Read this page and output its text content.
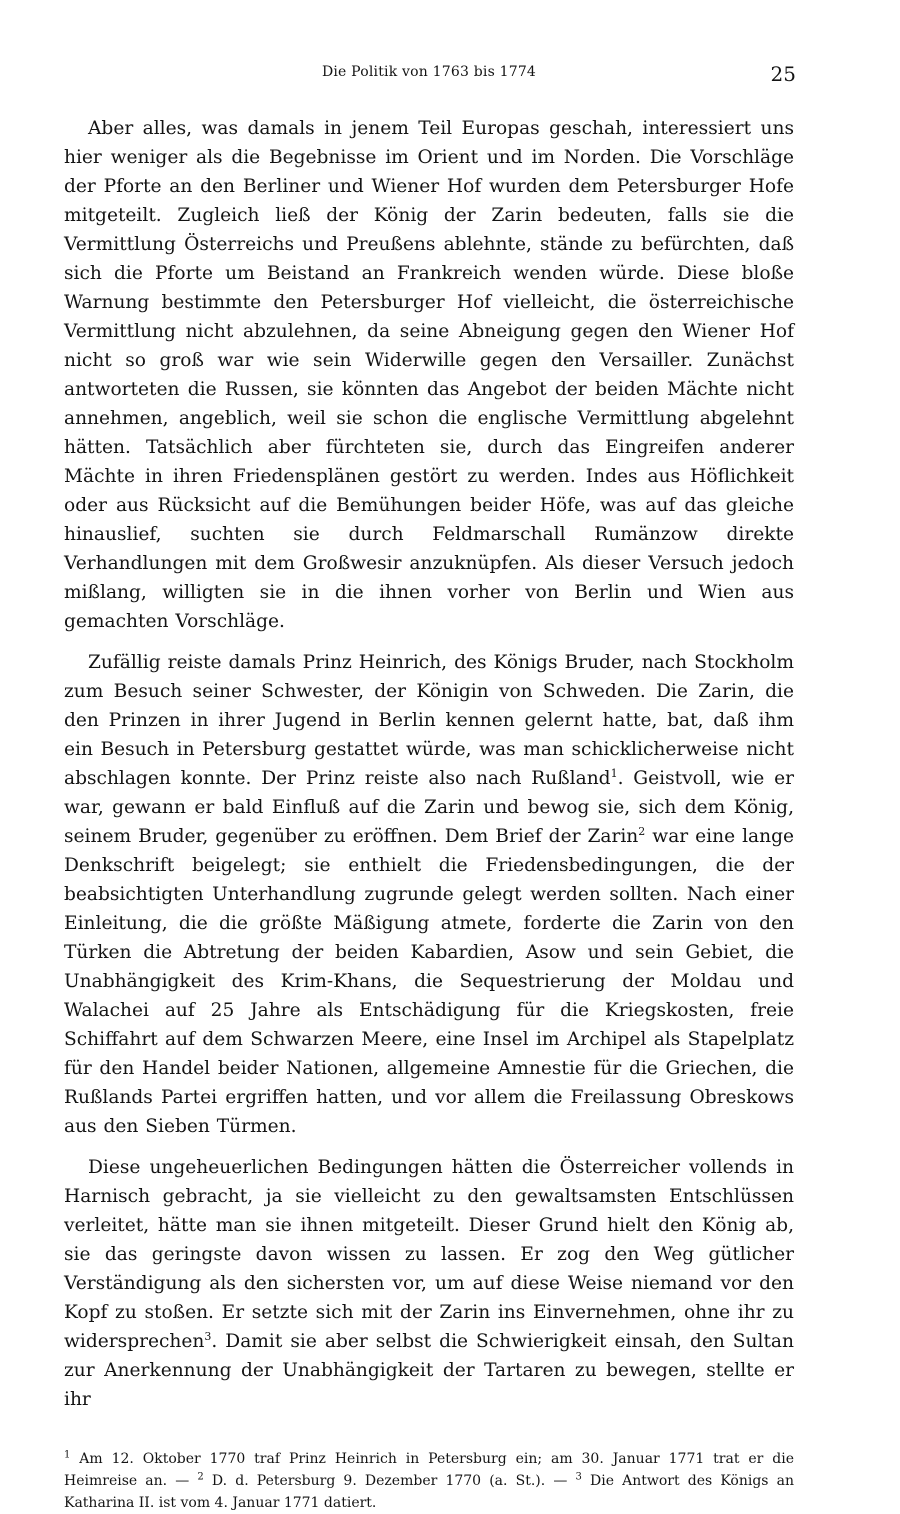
Die Politik von 1763 bis 1774	25

Aber alles, was damals in jenem Teil Europas geschah, interessiert uns hier weniger als die Begebnisse im Orient und im Norden. Die Vorschläge der Pforte an den Berliner und Wiener Hof wurden dem Petersburger Hofe mitgeteilt. Zugleich ließ der König der Zarin bedeuten, falls sie die Vermittlung Österreichs und Preußens ablehnte, stände zu befürchten, daß sich die Pforte um Beistand an Frankreich wenden würde. Diese bloße Warnung bestimmte den Petersburger Hof vielleicht, die österreichische Vermittlung nicht abzulehnen, da seine Abneigung gegen den Wiener Hof nicht so groß war wie sein Widerwille gegen den Versailler. Zunächst antworteten die Russen, sie könnten das Angebot der beiden Mächte nicht annehmen, angeblich, weil sie schon die englische Vermittlung abgelehnt hätten. Tatsächlich aber fürchteten sie, durch das Eingreifen anderer Mächte in ihren Friedensplänen gestört zu werden. Indes aus Höflichkeit oder aus Rücksicht auf die Bemühungen beider Höfe, was auf das gleiche hinauslief, suchten sie durch Feldmarschall Rumänzow direkte Verhandlungen mit dem Großwesir anzuknüpfen. Als dieser Versuch jedoch mißlang, willigten sie in die ihnen vorher von Berlin und Wien aus gemachten Vorschläge.

Zufällig reiste damals Prinz Heinrich, des Königs Bruder, nach Stockholm zum Besuch seiner Schwester, der Königin von Schweden. Die Zarin, die den Prinzen in ihrer Jugend in Berlin kennen gelernt hatte, bat, daß ihm ein Besuch in Petersburg gestattet würde, was man schicklicherweise nicht abschlagen konnte. Der Prinz reiste also nach Rußland$^1$. Geistvoll, wie er war, gewann er bald Einfluß auf die Zarin und bewog sie, sich dem König, seinem Bruder, gegenüber zu eröffnen. Dem Brief der Zarin$^2$ war eine lange Denkschrift beigelegt; sie enthielt die Friedensbedingungen, die der beabsichtigten Unterhandlung zugrunde gelegt werden sollten. Nach einer Einleitung, die die größte Mäßigung atmete, forderte die Zarin von den Türken die Abtretung der beiden Kabardien, Asow und sein Gebiet, die Unabhängigkeit des Krim-Khans, die Sequestrierung der Moldau und Walachei auf 25 Jahre als Entschädigung für die Kriegskosten, freie Schiffahrt auf dem Schwarzen Meere, eine Insel im Archipel als Stapelplatz für den Handel beider Nationen, allgemeine Amnestie für die Griechen, die Rußlands Partei ergriffen hatten, und vor allem die Freilassung Obreskows aus den Sieben Türmen.

Diese ungeheuerlichen Bedingungen hätten die Österreicher vollends in Harnisch gebracht, ja sie vielleicht zu den gewaltsamsten Entschlüssen verleitet, hätte man sie ihnen mitgeteilt. Dieser Grund hielt den König ab, sie das geringste davon wissen zu lassen. Er zog den Weg gütlicher Verständigung als den sichersten vor, um auf diese Weise niemand vor den Kopf zu stoßen. Er setzte sich mit der Zarin ins Einvernehmen, ohne ihr zu widersprechen$^3$. Damit sie aber selbst die Schwierigkeit einsah, den Sultan zur Anerkennung der Unabhängigkeit der Tartaren zu bewegen, stellte er ihr

$^1$ Am 12. Oktober 1770 traf Prinz Heinrich in Petersburg ein; am 30. Januar 1771 trat er die Heimreise an. — $^2$ D. d. Petersburg 9. Dezember 1770 (a. St.). — $^3$ Die Antwort des Königs an Katharina II. ist vom 4. Januar 1771 datiert.
